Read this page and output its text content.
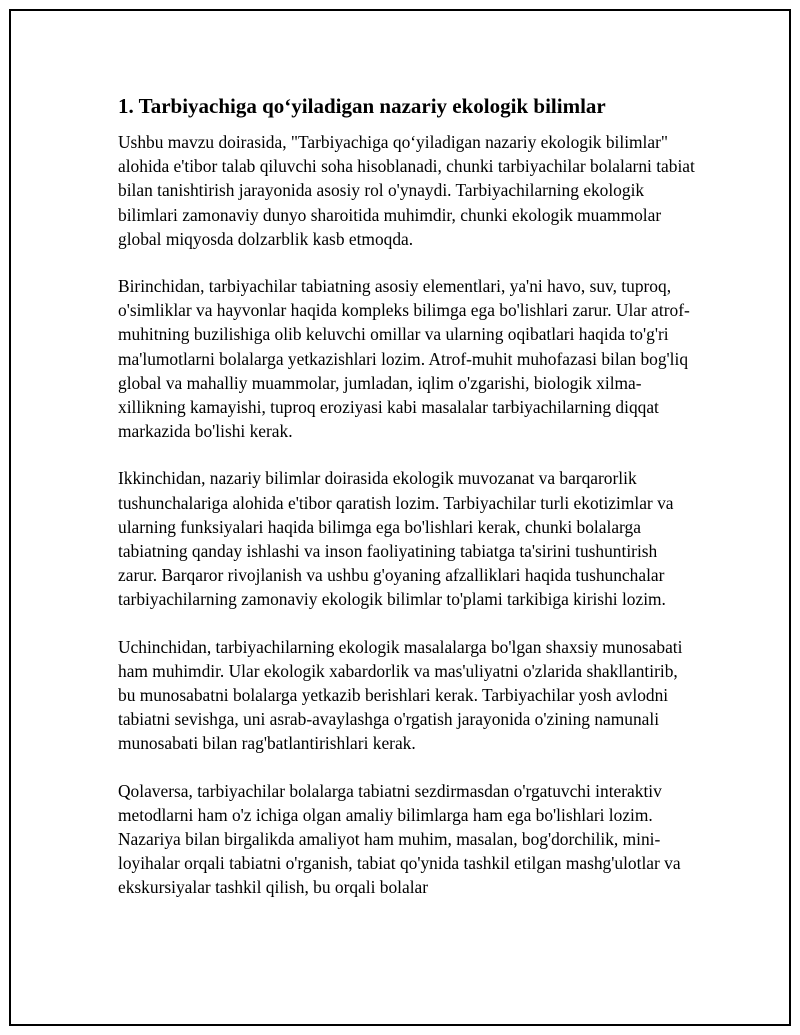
1. Tarbiyachiga qo‘yiladigan nazariy ekologik bilimlar

Ushbu mavzu doirasida, "Tarbiyachiga qo‘yiladigan nazariy ekologik bilimlar" alohida e'tibor talab qiluvchi soha hisoblanadi, chunki tarbiyachilar bolalarni tabiat bilan tanishtirish jarayonida asosiy rol o'ynaydi. Tarbiyachilarning ekologik bilimlari zamonaviy dunyo sharoitida muhimdir, chunki ekologik muammolar global miqyosda dolzarblik kasb etmoqda.

Birinchidan, tarbiyachilar tabiatning asosiy elementlari, ya'ni havo, suv, tuproq, o'simliklar va hayvonlar haqida kompleks bilimga ega bo'lishlari zarur. Ular atrof-muhitning buzilishiga olib keluvchi omillar va ularning oqibatlari haqida to'g'ri ma'lumotlarni bolalarga yetkazishlari lozim. Atrof-muhit muhofazasi bilan bog'liq global va mahalliy muammolar, jumladan, iqlim o'zgarishi, biologik xilma-xillikning kamayishi, tuproq eroziyasi kabi masalalar tarbiyachilarning diqqat markazida bo'lishi kerak.

Ikkinchidan, nazariy bilimlar doirasida ekologik muvozanat va barqarorlik tushunchalariga alohida e'tibor qaratish lozim. Tarbiyachilar turli ekotizimlar va ularning funksiyalari haqida bilimga ega bo'lishlari kerak, chunki bolalarga tabiatning qanday ishlashi va inson faoliyatining tabiatga ta'sirini tushuntirish zarur. Barqaror rivojlanish va ushbu g'oyaning afzalliklari haqida tushunchalar tarbiyachilarning zamonaviy ekologik bilimlar to'plami tarkibiga kirishi lozim.

Uchinchidan, tarbiyachilarning ekologik masalalarga bo'lgan shaxsiy munosabati ham muhimdir. Ular ekologik xabardorlik va mas'uliyatni o'zlarida shakllantirib, bu munosabatni bolalarga yetkazib berishlari kerak. Tarbiyachilar yosh avlodni tabiatni sevishga, uni asrab-avaylashga o'rgatish jarayonida o'zining namunali munosabati bilan rag'batlantirishlari kerak.

Qolaversa, tarbiyachilar bolalarga tabiatni sezdirmasdan o'rgatuvchi interaktiv metodlarni ham o'z ichiga olgan amaliy bilimlarga ham ega bo'lishlari lozim. Nazariya bilan birgalikda amaliyot ham muhim, masalan, bog'dorchilik, mini-loyihalar orqali tabiatni o'rganish, tabiat qo'ynida tashkil etilgan mashg'ulotlar va ekskursiyalar tashkil qilish, bu orqali bolalar
